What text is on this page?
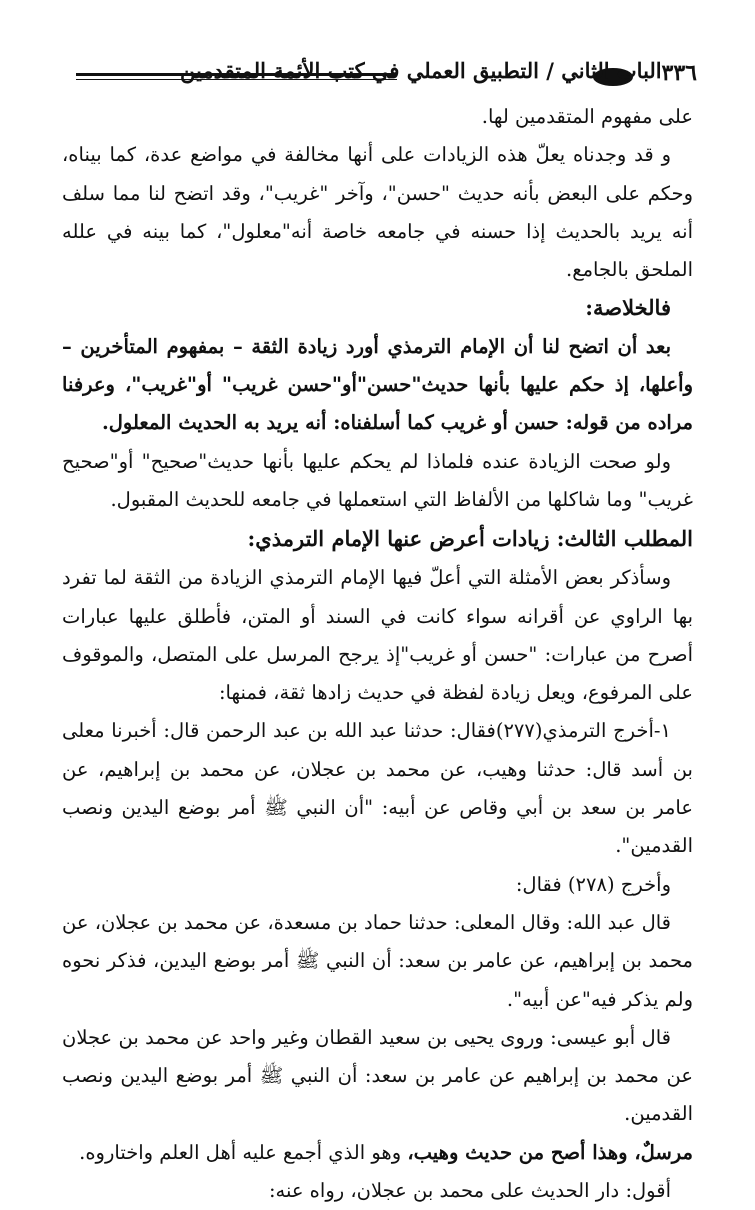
٣٣٦
الباب الثاني / التطبيق العملي في كتب الأئمة المتقدمين

على مفهوم المتقدمين لها.

و قد وجدناه يعلّ هذه الزيادات على أنها مخالفة في مواضع عدة، كما بيناه، وحكم على البعض بأنه حديث "حسن"، وآخر "غريب"، وقد اتضح لنا مما سلف أنه يريد بالحديث إذا حسنه في جامعه خاصة أنه"معلول"، كما بينه في علله الملحق بالجامع.

فالخلاصة:

بعد أن اتضح لنا أن الإمام الترمذي أورد زيادة الثقة – بمفهوم المتأخرين – وأعلها، إذ حكم عليها بأنها حديث"حسن"أو"حسن غريب" أو"غريب"، وعرفنا مراده من قوله: حسن أو غريب كما أسلفناه: أنه يريد به الحديث المعلول.

ولو صحت الزيادة عنده فلماذا لم يحكم عليها بأنها حديث"صحيح" أو"صحيح غريب" وما شاكلها من الألفاظ التي استعملها في جامعه للحديث المقبول.

المطلب الثالث: زيادات أعرض عنها الإمام الترمذي:

وسأذكر بعض الأمثلة التي أعلّ فيها الإمام الترمذي الزيادة من الثقة لما تفرد بها الراوي عن أقرانه سواء كانت في السند أو المتن، فأطلق عليها عبارات أصرح من عبارات: "حسن أو غريب"إذ يرجح المرسل على المتصل، والموقوف على المرفوع، ويعل زيادة لفظة في حديث زادها ثقة، فمنها:

١-أخرج الترمذي(٢٧٧)فقال: حدثنا عبد الله بن عبد الرحمن قال: أخبرنا معلى بن أسد قال: حدثنا وهيب، عن محمد بن عجلان، عن محمد بن إبراهيم، عن عامر بن سعد بن أبي وقاص عن أبيه: "أن النبي ﷺ أمر بوضع اليدين ونصب القدمين".

وأخرج (٢٧٨) فقال:

قال عبد الله: وقال المعلى: حدثنا حماد بن مسعدة، عن محمد بن عجلان، عن محمد بن إبراهيم، عن عامر بن سعد: أن النبي ﷺ أمر بوضع اليدين، فذكر نحوه ولم يذكر فيه"عن أبيه".

قال أبو عيسى: وروى يحيى بن سعيد القطان وغير واحد عن محمد بن عجلان عن محمد بن إبراهيم عن عامر بن سعد: أن النبي ﷺ أمر بوضع اليدين ونصب القدمين.

مرسلٌ، وهذا أصح من حديث وهيب، وهو الذي أجمع عليه أهل العلم واختاروه.

أقول: دار الحديث على محمد بن عجلان، رواه عنه:
